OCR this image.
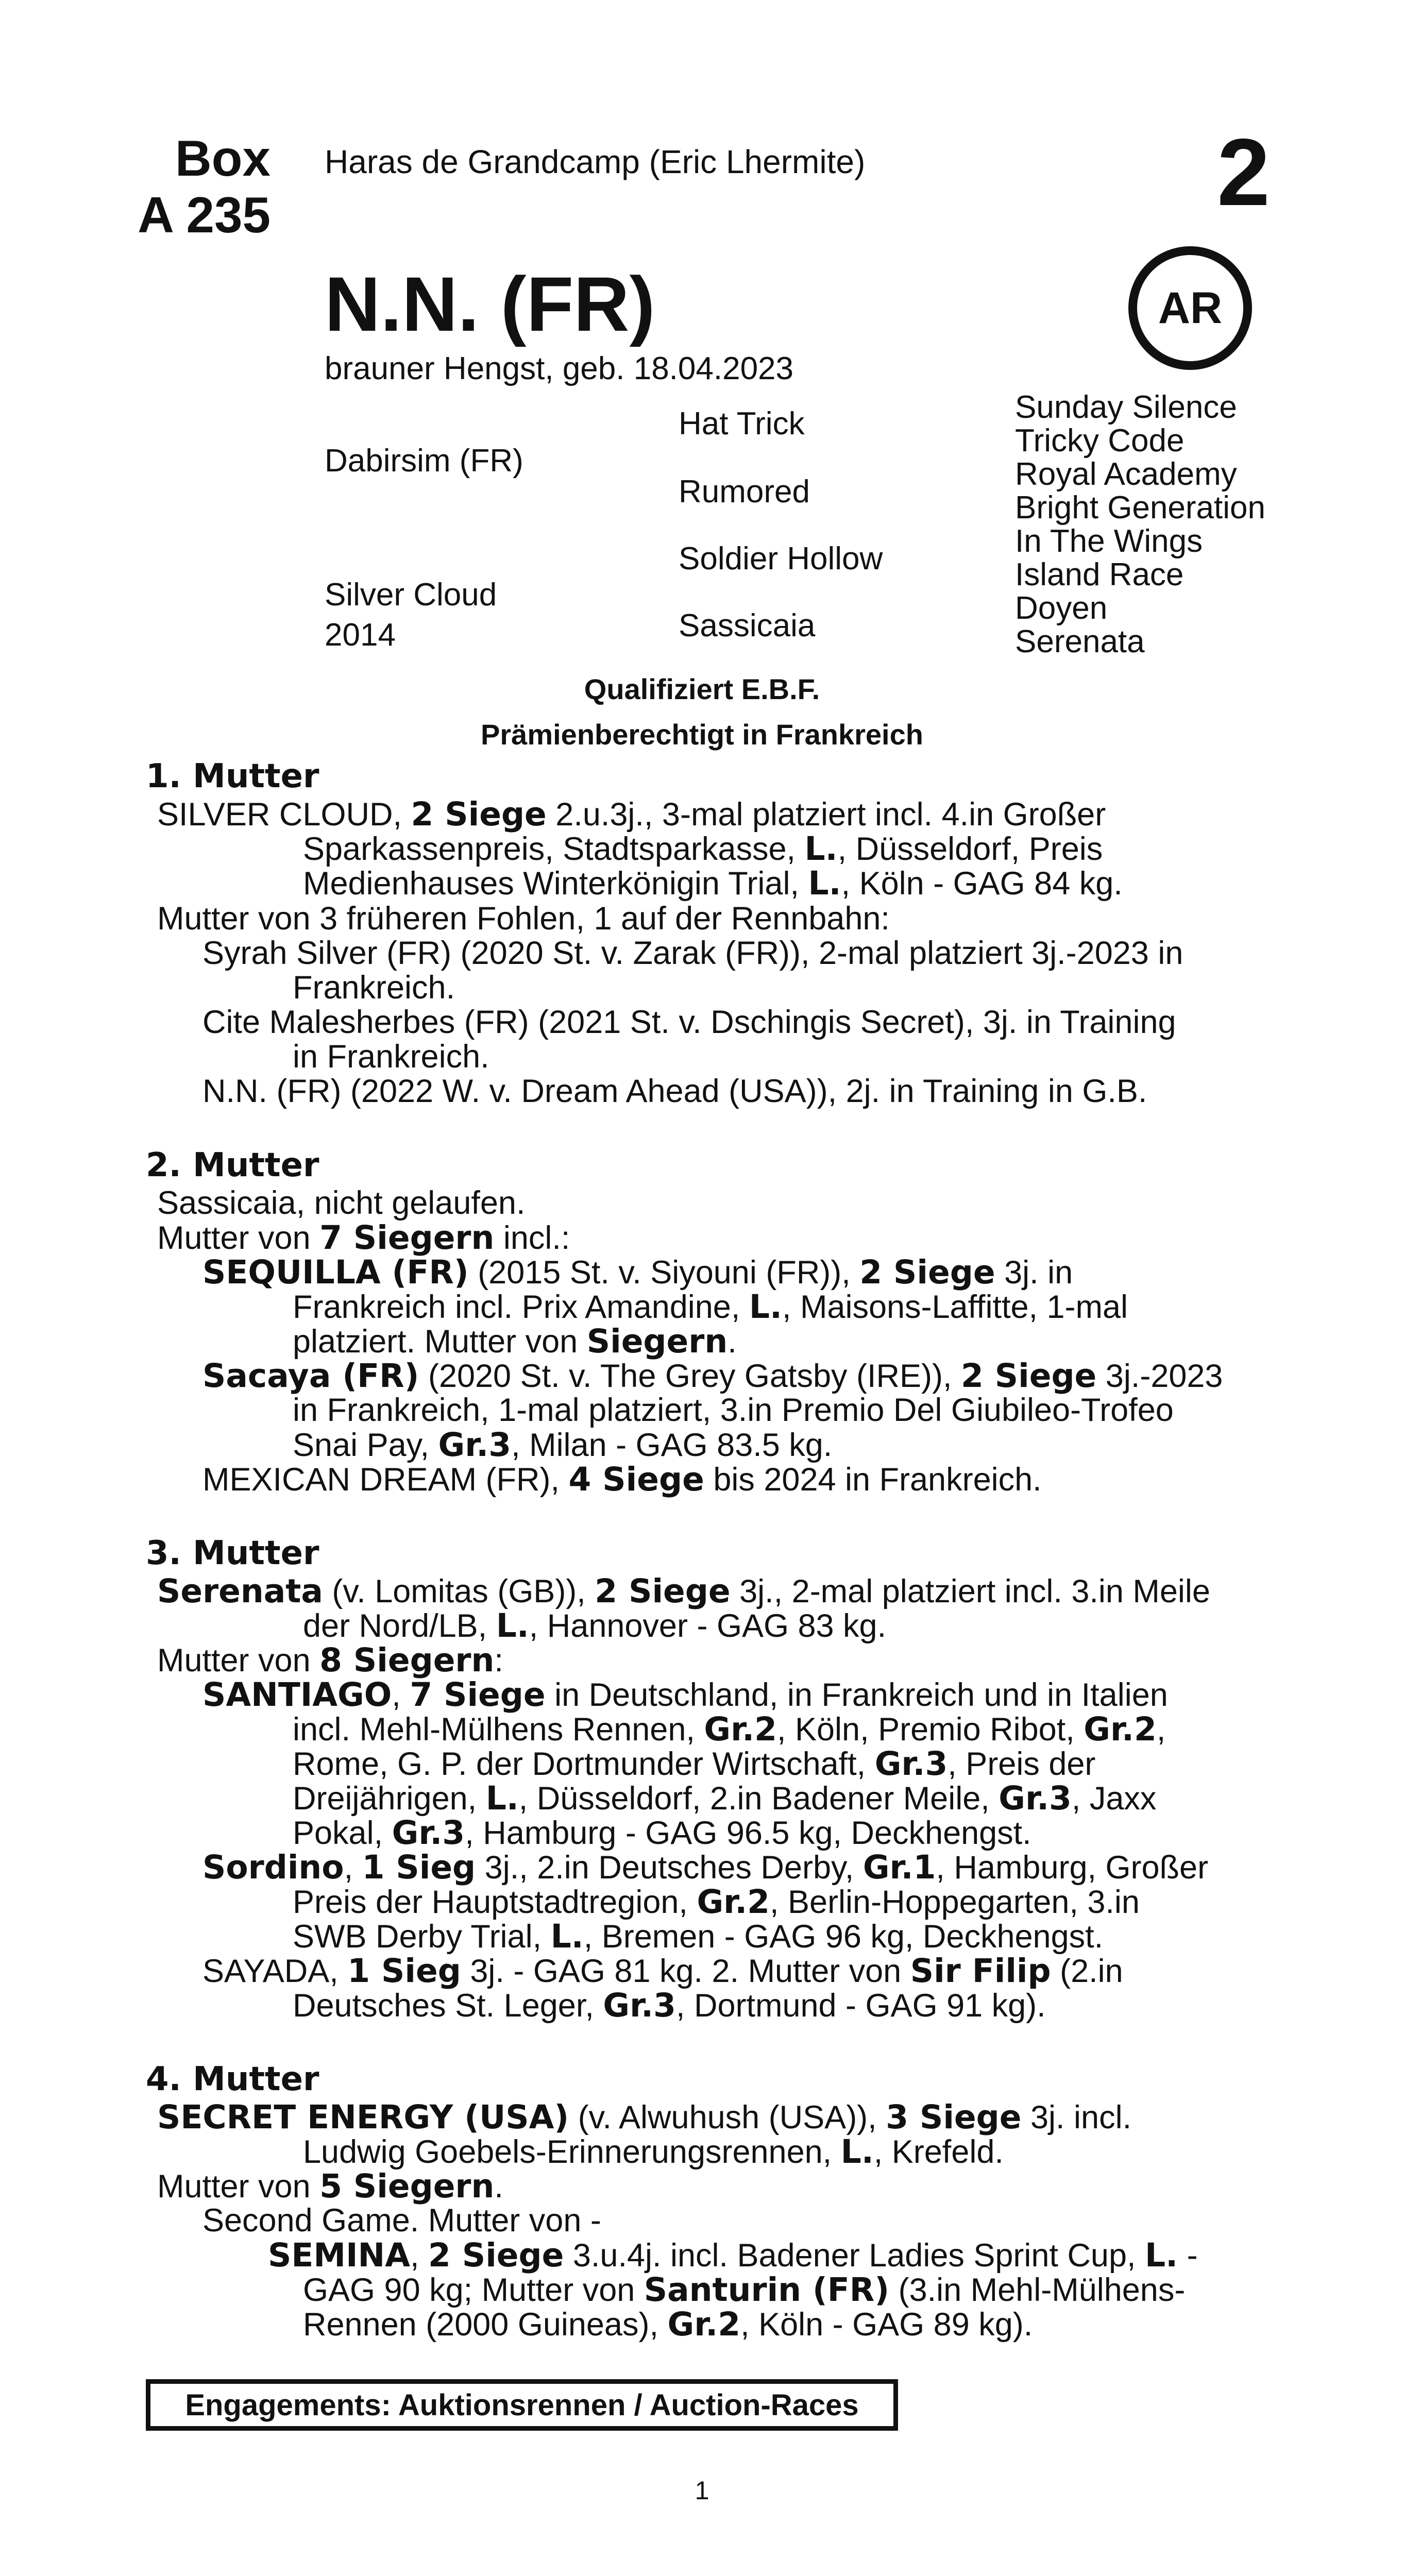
Box
A 235
Haras de Grandcamp (Eric Lhermite)	2
N.N. (FR)	AR
brauner Hengst, geb. 18.04.2023
Dabirsim (FR)
Silver Cloud
2014
Hat Trick
Rumored
Soldier Hollow
Sassicaia
Sunday Silence
Tricky Code
Royal Academy
Bright Generation
In The Wings
Island Race
Doyen
Serenata
Qualifiziert E.B.F.
Prämienberechtigt in Frankreich
1. Mutter
SILVER CLOUD, 2 Siege 2.u.3j., 3-mal platziert incl. 4.in Großer
Sparkassenpreis, Stadtsparkasse, L., Düsseldorf, Preis
Medienhauses Winterkönigin Trial, L., Köln - GAG 84 kg.
Mutter von 3 früheren Fohlen, 1 auf der Rennbahn:
Syrah Silver (FR) (2020 St. v. Zarak (FR)), 2-mal platziert 3j.-2023 in
Frankreich.
Cite Malesherbes (FR) (2021 St. v. Dschingis Secret), 3j. in Training
in Frankreich.
N.N. (FR) (2022 W. v. Dream Ahead (USA)), 2j. in Training in G.B.
2. Mutter
Sassicaia, nicht gelaufen.
Mutter von 7 Siegern incl.:
SEQUILLA (FR) (2015 St. v. Siyouni (FR)), 2 Siege 3j. in
Frankreich incl. Prix Amandine, L., Maisons-Laffitte, 1-mal
platziert. Mutter von Siegern.
Sacaya (FR) (2020 St. v. The Grey Gatsby (IRE)), 2 Siege 3j.-2023
in Frankreich, 1-mal platziert, 3.in Premio Del Giubileo-Trofeo
Snai Pay, Gr.3, Milan - GAG 83.5 kg.
MEXICAN DREAM (FR), 4 Siege bis 2024 in Frankreich.
3. Mutter
Serenata (v. Lomitas (GB)), 2 Siege 3j., 2-mal platziert incl. 3.in Meile
der Nord/LB, L., Hannover - GAG 83 kg.
Mutter von 8 Siegern:
SANTIAGO, 7 Siege in Deutschland, in Frankreich und in Italien
incl. Mehl-Mülhens Rennen, Gr.2, Köln, Premio Ribot, Gr.2,
Rome, G. P. der Dortmunder Wirtschaft, Gr.3, Preis der
Dreijährigen, L., Düsseldorf, 2.in Badener Meile, Gr.3, Jaxx
Pokal, Gr.3, Hamburg - GAG 96.5 kg, Deckhengst.
Sordino, 1 Sieg 3j., 2.in Deutsches Derby, Gr.1, Hamburg, Großer
Preis der Hauptstadtregion, Gr.2, Berlin-Hoppegarten, 3.in
SWB Derby Trial, L., Bremen - GAG 96 kg, Deckhengst.
SAYADA, 1 Sieg 3j. - GAG 81 kg. 2. Mutter von Sir Filip (2.in
Deutsches St. Leger, Gr.3, Dortmund - GAG 91 kg).
4. Mutter
SECRET ENERGY (USA) (v. Alwuhush (USA)), 3 Siege 3j. incl.
Ludwig Goebels-Erinnerungsrennen, L., Krefeld.
Mutter von 5 Siegern.
Second Game. Mutter von -
SEMINA, 2 Siege 3.u.4j. incl. Badener Ladies Sprint Cup, L. -
GAG 90 kg; Mutter von Santurin (FR) (3.in Mehl-Mülhens-
Rennen (2000 Guineas), Gr.2, Köln - GAG 89 kg).
Engagements: Auktionsrennen / Auction-Races
1
